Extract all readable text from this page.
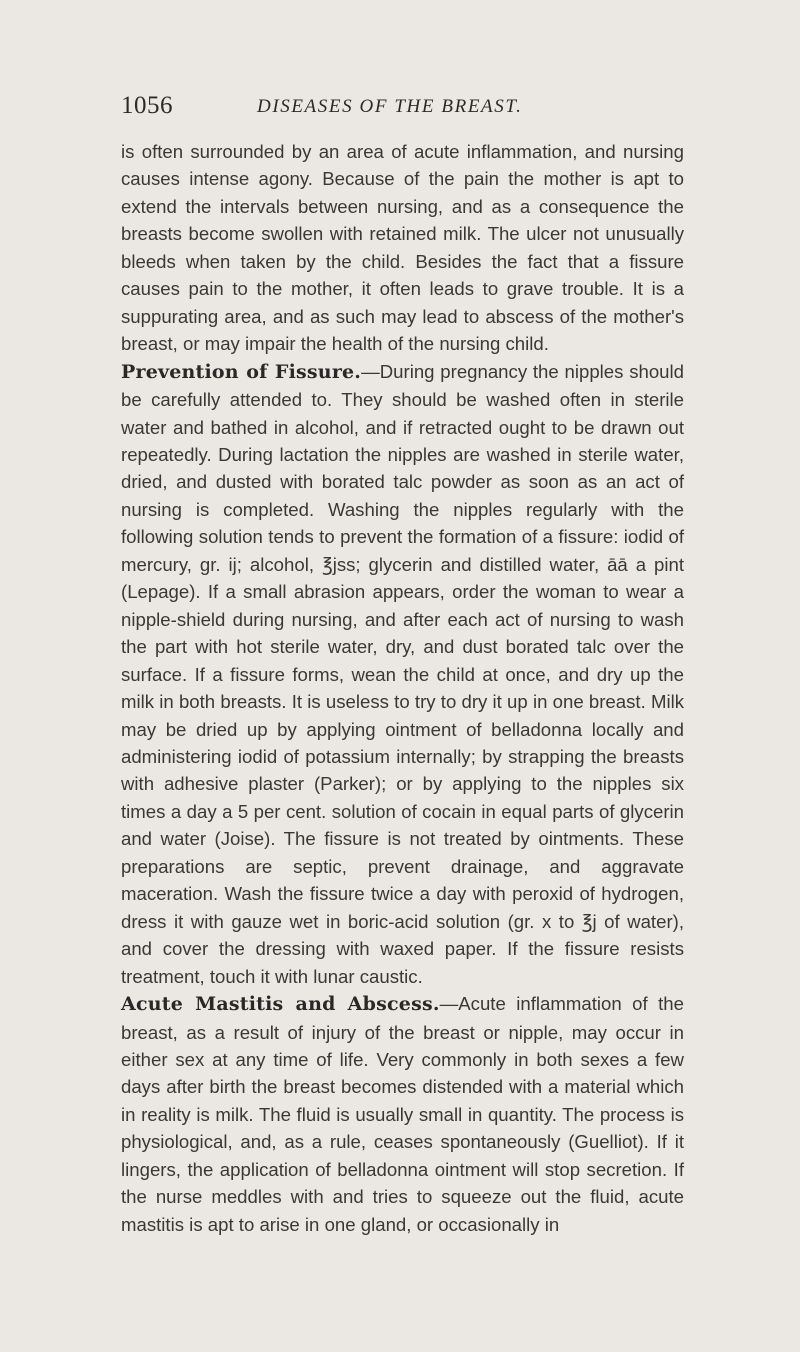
1056	DISEASES OF THE BREAST.

is often surrounded by an area of acute inflammation, and nursing causes intense agony. Because of the pain the mother is apt to extend the intervals between nursing, and as a consequence the breasts become swollen with retained milk. The ulcer not unusually bleeds when taken by the child. Besides the fact that a fissure causes pain to the mother, it often leads to grave trouble. It is a suppurating area, and as such may lead to abscess of the mother's breast, or may impair the health of the nursing child.

Prevention of Fissure.—During pregnancy the nipples should be carefully attended to. They should be washed often in sterile water and bathed in alcohol, and if retracted ought to be drawn out repeatedly. During lactation the nipples are washed in sterile water, dried, and dusted with borated talc powder as soon as an act of nursing is completed. Washing the nipples regularly with the following solution tends to prevent the formation of a fissure: iodid of mercury, gr. ij; alcohol, ℥jss; glycerin and distilled water, āā a pint (Lepage). If a small abrasion appears, order the woman to wear a nipple-shield during nursing, and after each act of nursing to wash the part with hot sterile water, dry, and dust borated talc over the surface. If a fissure forms, wean the child at once, and dry up the milk in both breasts. It is useless to try to dry it up in one breast. Milk may be dried up by applying ointment of belladonna locally and administering iodid of potassium internally; by strapping the breasts with adhesive plaster (Parker); or by applying to the nipples six times a day a 5 per cent. solution of cocain in equal parts of glycerin and water (Joise). The fissure is not treated by ointments. These preparations are septic, prevent drainage, and aggravate maceration. Wash the fissure twice a day with peroxid of hydrogen, dress it with gauze wet in boric-acid solution (gr. x to ℥j of water), and cover the dressing with waxed paper. If the fissure resists treatment, touch it with lunar caustic.

Acute Mastitis and Abscess.—Acute inflammation of the breast, as a result of injury of the breast or nipple, may occur in either sex at any time of life. Very commonly in both sexes a few days after birth the breast becomes distended with a material which in reality is milk. The fluid is usually small in quantity. The process is physiological, and, as a rule, ceases spontaneously (Guelliot). If it lingers, the application of belladonna ointment will stop secretion. If the nurse meddles with and tries to squeeze out the fluid, acute mastitis is apt to arise in one gland, or occasionally in
